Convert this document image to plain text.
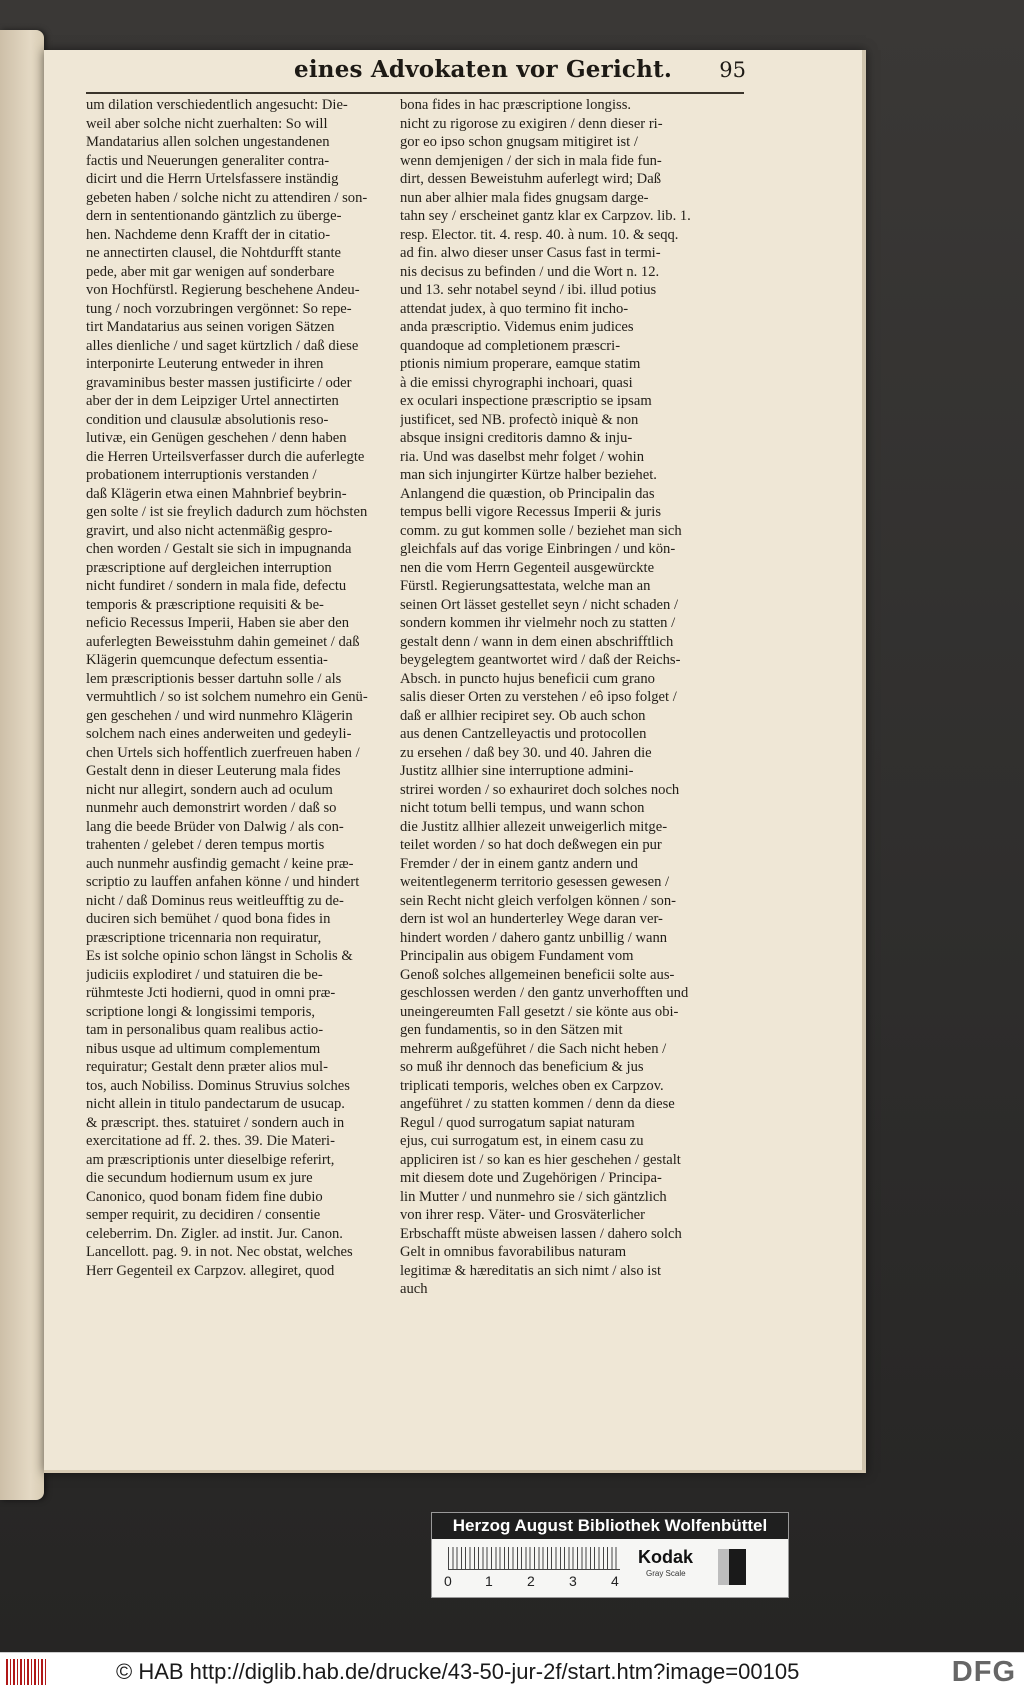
eines Advokaten vor Gericht. 95
um dilation verschiedentlich angesucht: Die-
weil aber solche nicht zuerhalten: So will
Mandatarius allen solchen ungestandenen
factis und Neuerungen generaliter contra-
dicirt und die Herrn Urtelsfassere inständig
gebeten haben / solche nicht zu attendiren / son-
dern in sententionando gäntzlich zu überge-
hen. Nachdeme denn Krafft der in citatio-
ne annectirten clausel, die Nohtdurfft stante
pede, aber mit gar wenigen auf sonderbare
von Hochfürstl. Regierung beschehene Andeu-
tung / noch vorzubringen vergönnet: So repe-
tirt Mandatarius aus seinen vorigen Sätzen
alles dienliche / und saget kürtzlich / daß diese
interponirte Leuterung entweder in ihren
gravaminibus bester massen justificirte / oder
aber der in dem Leipziger Urtel annectirten
condition und clausulæ absolutionis reso-
lutivæ, ein Genügen geschehen / denn haben
die Herren Urteilsverfasser durch die auferlegte
probationem interruptionis verstanden /
daß Klägerin etwa einen Mahnbrief beybrin-
gen solte / ist sie freylich dadurch zum höchsten
gravirt, und also nicht actenmäßig gespro-
chen worden / Gestalt sie sich in impugnanda
præscriptione auf dergleichen interruption
nicht fundiret / sondern in mala fide, defectu
temporis & præscriptione requisiti & be-
neficio Recessus Imperii, Haben sie aber den
auferlegten Beweisstuhm dahin gemeinet / daß
Klägerin quemcunque defectum essentia-
lem præscriptionis besser dartuhn solle / als
vermuhtlich / so ist solchem numehro ein Genü-
gen geschehen / und wird nunmehro Klägerin
solchem nach eines anderweiten und gedeyli-
chen Urtels sich hoffentlich zuerfreuen haben /
Gestalt denn in dieser Leuterung mala fides
nicht nur allegirt, sondern auch ad oculum
nunmehr auch demonstrirt worden / daß so
lang die beede Brüder von Dalwig / als con-
trahenten / gelebet / deren tempus mortis
auch nunmehr ausfindig gemacht / keine præ-
scriptio zu lauffen anfahen könne / und hindert
nicht / daß Dominus reus weitleufftig zu de-
duciren sich bemühet / quod bona fides in
præscriptione tricennaria non requiratur,
Es ist solche opinio schon längst in Scholis &
judiciis explodiret / und statuiren die be-
rühmteste Jcti hodierni, quod in omni præ-
scriptione longi & longissimi temporis,
tam in personalibus quam realibus actio-
nibus usque ad ultimum complementum
requiratur; Gestalt denn præter alios mul-
tos, auch Nobiliss. Dominus Struvius solches
nicht allein in titulo pandectarum de usucap.
& præscript. thes. statuiret / sondern auch in
exercitatione ad ff. 2. thes. 39. Die Materi-
am præscriptionis unter dieselbige referirt,
die secundum hodiernum usum ex jure
Canonico, quod bonam fidem fine dubio
semper requirit, zu decidiren / consentie
celeberrim. Dn. Zigler. ad instit. Jur. Canon.
Lancellott. pag. 9. in not. Nec obstat, welches
Herr Gegenteil ex Carpzov. allegiret, quod
bona fides in hac præscriptione longiss.
nicht zu rigorose zu exigiren / denn dieser ri-
gor eo ipso schon gnugsam mitigiret ist /
wenn demjenigen / der sich in mala fide fun-
dirt, dessen Beweistuhm auferlegt wird; Daß
nun aber alhier mala fides gnugsam darge-
tahn sey / erscheinet gantz klar ex Carpzov. lib. 1.
resp. Elector. tit. 4. resp. 40. à num. 10. & seqq.
ad fin. alwo dieser unser Casus fast in termi-
nis decisus zu befinden / und die Wort n. 12.
und 13. sehr notabel seynd / ibi. illud potius
attendat judex, à quo termino fit incho-
anda præscriptio. Videmus enim judices
quandoque ad completionem præscri-
ptionis nimium properare, eamque statim
à die emissi chyrographi inchoari, quasi
ex oculari inspectione præscriptio se ipsam
justificet, sed NB. profectò iniquè & non
absque insigni creditoris damno & inju-
ria. Und was daselbst mehr folget / wohin
man sich injungirter Kürtze halber beziehet.
Anlangend die quæstion, ob Principalin das
tempus belli vigore Recessus Imperii & juris
comm. zu gut kommen solle / beziehet man sich
gleichfals auf das vorige Einbringen / und kön-
nen die vom Herrn Gegenteil ausgewürckte
Fürstl. Regierungsattestata, welche man an
seinen Ort lässet gestellet seyn / nicht schaden /
sondern kommen ihr vielmehr noch zu statten /
gestalt denn / wann in dem einen abschrifftlich
beygelegtem geantwortet wird / daß der Reichs-
Absch. in puncto hujus beneficii cum grano
salis dieser Orten zu verstehen / eô ipso folget /
daß er allhier recipiret sey. Ob auch schon
aus denen Cantzelleyactis und protocollen
zu ersehen / daß bey 30. und 40. Jahren die
Justitz allhier sine interruptione admini-
strirei worden / so exhauriret doch solches noch
nicht totum belli tempus, und wann schon
die Justitz allhier allezeit unweigerlich mitge-
teilet worden / so hat doch deßwegen ein pur
Fremder / der in einem gantz andern und
weitentlegenerm territorio gesessen gewesen /
sein Recht nicht gleich verfolgen können / son-
dern ist wol an hunderterley Wege daran ver-
hindert worden / dahero gantz unbillig / wann
Principalin aus obigem Fundament vom
Genoß solches allgemeinen beneficii solte aus-
geschlossen werden / den gantz unverhofften und
uneingereumten Fall gesetzt / sie könte aus obi-
gen fundamentis, so in den Sätzen mit
mehrerm außgeführet / die Sach nicht heben /
so muß ihr dennoch das beneficium & jus
triplicati temporis, welches oben ex Carpzov.
angeführet / zu statten kommen / denn da diese
Regul / quod surrogatum sapiat naturam
ejus, cui surrogatum est, in einem casu zu
appliciren ist / so kan es hier geschehen / gestalt
mit diesem dote und Zugehörigen / Principa-
lin Mutter / und nunmehro sie / sich gäntzlich
von ihrer resp. Väter- und Grosväterlicher
Erbschafft müste abweisen lassen / dahero solch
Gelt in omnibus favorabilibus naturam
legitimæ & hæreditatis an sich nimt / also ist
auch
Herzog August Bibliothek Wolfenbüttel
0 1 2 3 4
Kodak
Gray Scale
© HAB http://diglib.hab.de/drucke/43-50-jur-2f/start.htm?image=00105	DFG
